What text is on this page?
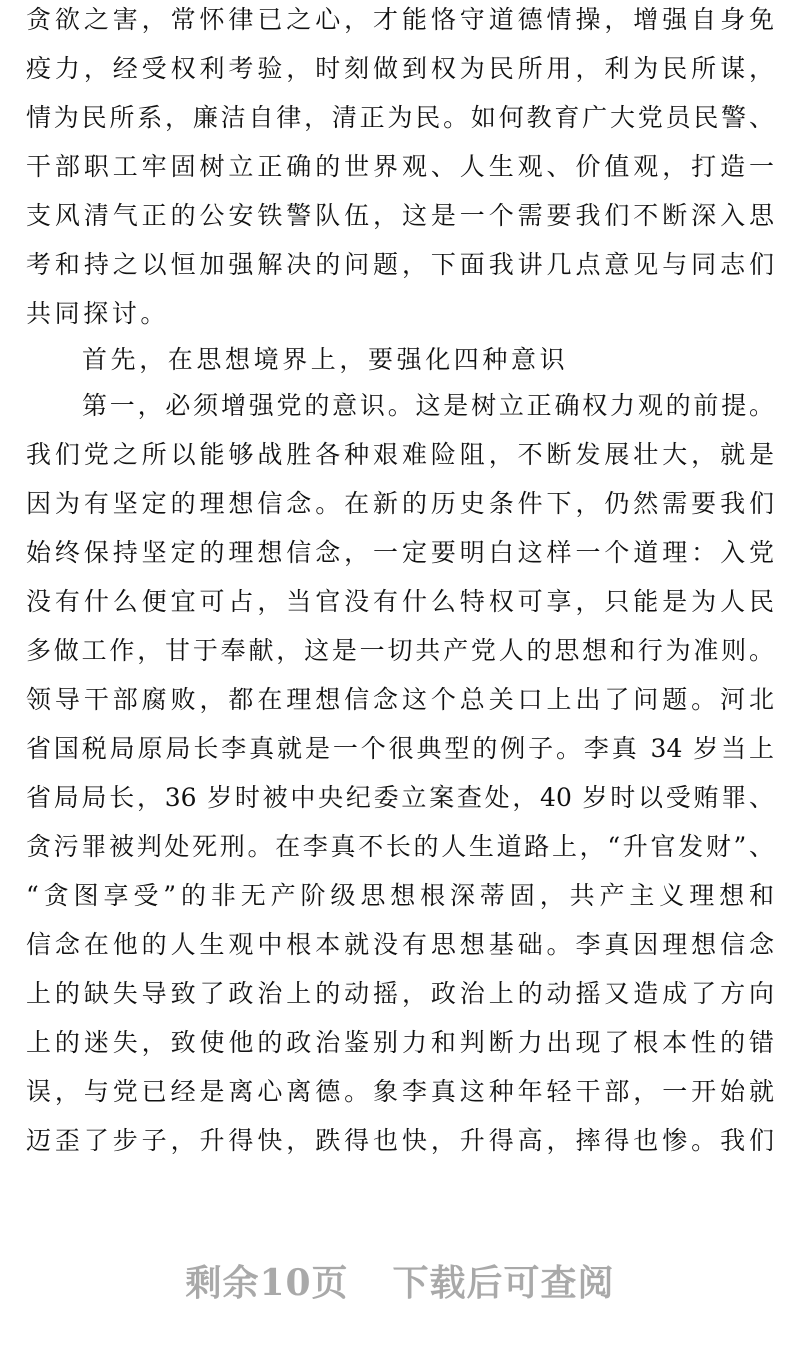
贪欲之害，常怀律已之心，才能恪守道德情操，增强自身免
疫力，经受权利考验，时刻做到权为民所用，利为民所谋，
情为民所系，廉洁自律，清正为民。如何教育广大党员民警、
干部职工牢固树立正确的世界观、人生观、价值观，打造一
支风清气正的公安铁警队伍，这是一个需要我们不断深入思
考和持之以恒加强解决的问题，下面我讲几点意见与同志们
共同探讨。
首先，在思想境界上，要强化四种意识
第一，必须增强党的意识。这是树立正确权力观的前提。
我们党之所以能够战胜各种艰难险阻，不断发展壮大，就是
因为有坚定的理想信念。在新的历史条件下，仍然需要我们
始终保持坚定的理想信念，一定要明白这样一个道理：入党
没有什么便宜可占，当官没有什么特权可享，只能是为人民
多做工作，甘于奉献，这是一切共产党人的思想和行为准则。
领导干部腐败，都在理想信念这个总关口上出了问题。河北
省国税局原局长李真就是一个很典型的例子。李真 34 岁当上
省局局长，36 岁时被中央纪委立案查处，40 岁时以受贿罪、
贪污罪被判处死刑。在李真不长的人生道路上，“升官发财”、
“贪图享受”的非无产阶级思想根深蒂固，共产主义理想和
信念在他的人生观中根本就没有思想基础。李真因理想信念
上的缺失导致了政治上的动摇，政治上的动摇又造成了方向
上的迷失，致使他的政治鉴别力和判断力出现了根本性的错
误，与党已经是离心离德。象李真这种年轻干部，一开始就
迈歪了步子，升得快，跌得也快，升得高，摔得也惨。我们
剩余10页 下载后可查阅
